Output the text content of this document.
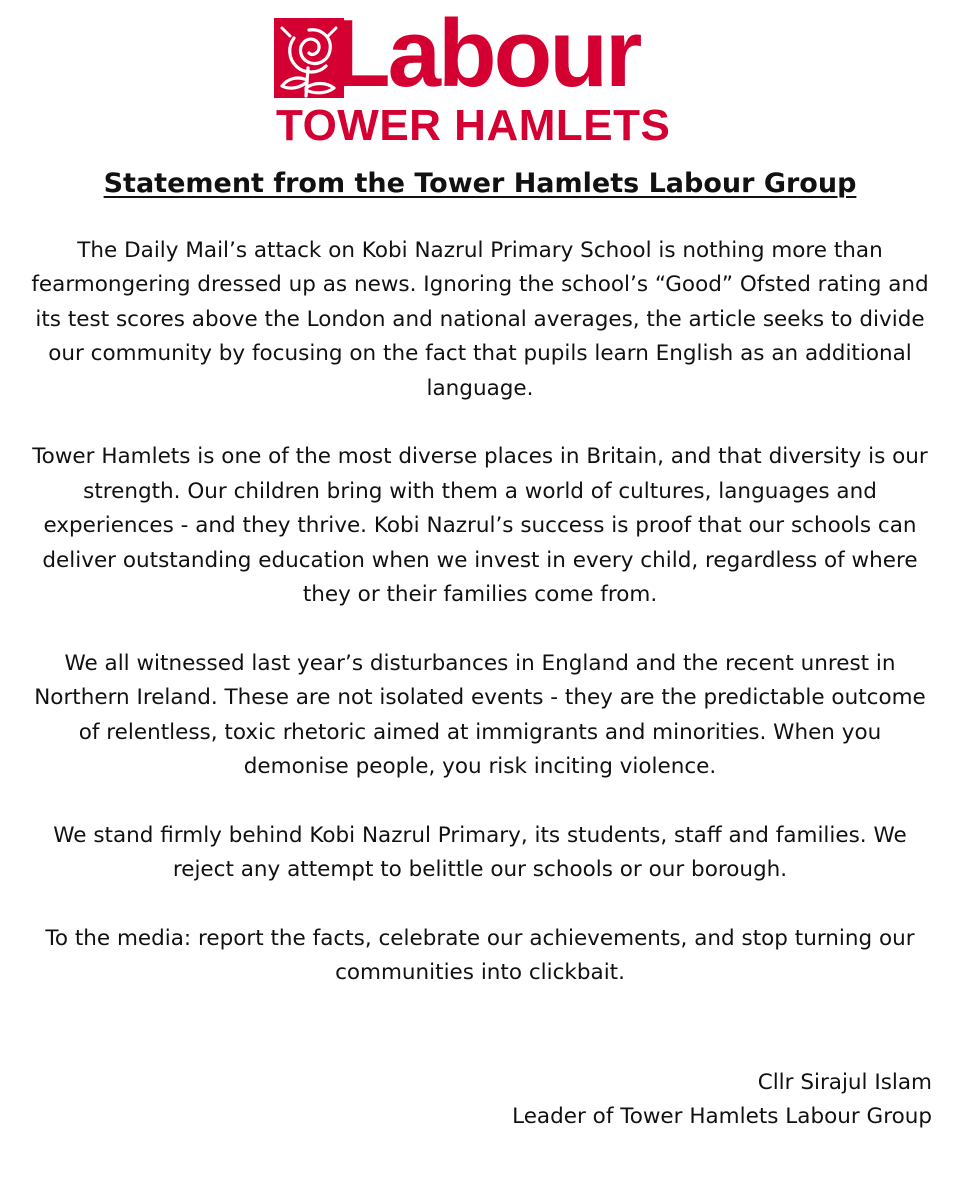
Labour
TOWER HAMLETS
Statement from the Tower Hamlets Labour Group

The Daily Mail’s attack on Kobi Nazrul Primary School is nothing more than fearmongering dressed up as news. Ignoring the school’s “Good” Ofsted rating and its test scores above the London and national averages, the article seeks to divide our community by focusing on the fact that pupils learn English as an additional language.

Tower Hamlets is one of the most diverse places in Britain, and that diversity is our strength. Our children bring with them a world of cultures, languages and experiences - and they thrive. Kobi Nazrul’s success is proof that our schools can deliver outstanding education when we invest in every child, regardless of where they or their families come from.

We all witnessed last year’s disturbances in England and the recent unrest in Northern Ireland. These are not isolated events - they are the predictable outcome of relentless, toxic rhetoric aimed at immigrants and minorities. When you demonise people, you risk inciting violence.

We stand firmly behind Kobi Nazrul Primary, its students, staff and families. We reject any attempt to belittle our schools or our borough.

To the media: report the facts, celebrate our achievements, and stop turning our communities into clickbait.

Cllr Sirajul Islam
Leader of Tower Hamlets Labour Group
